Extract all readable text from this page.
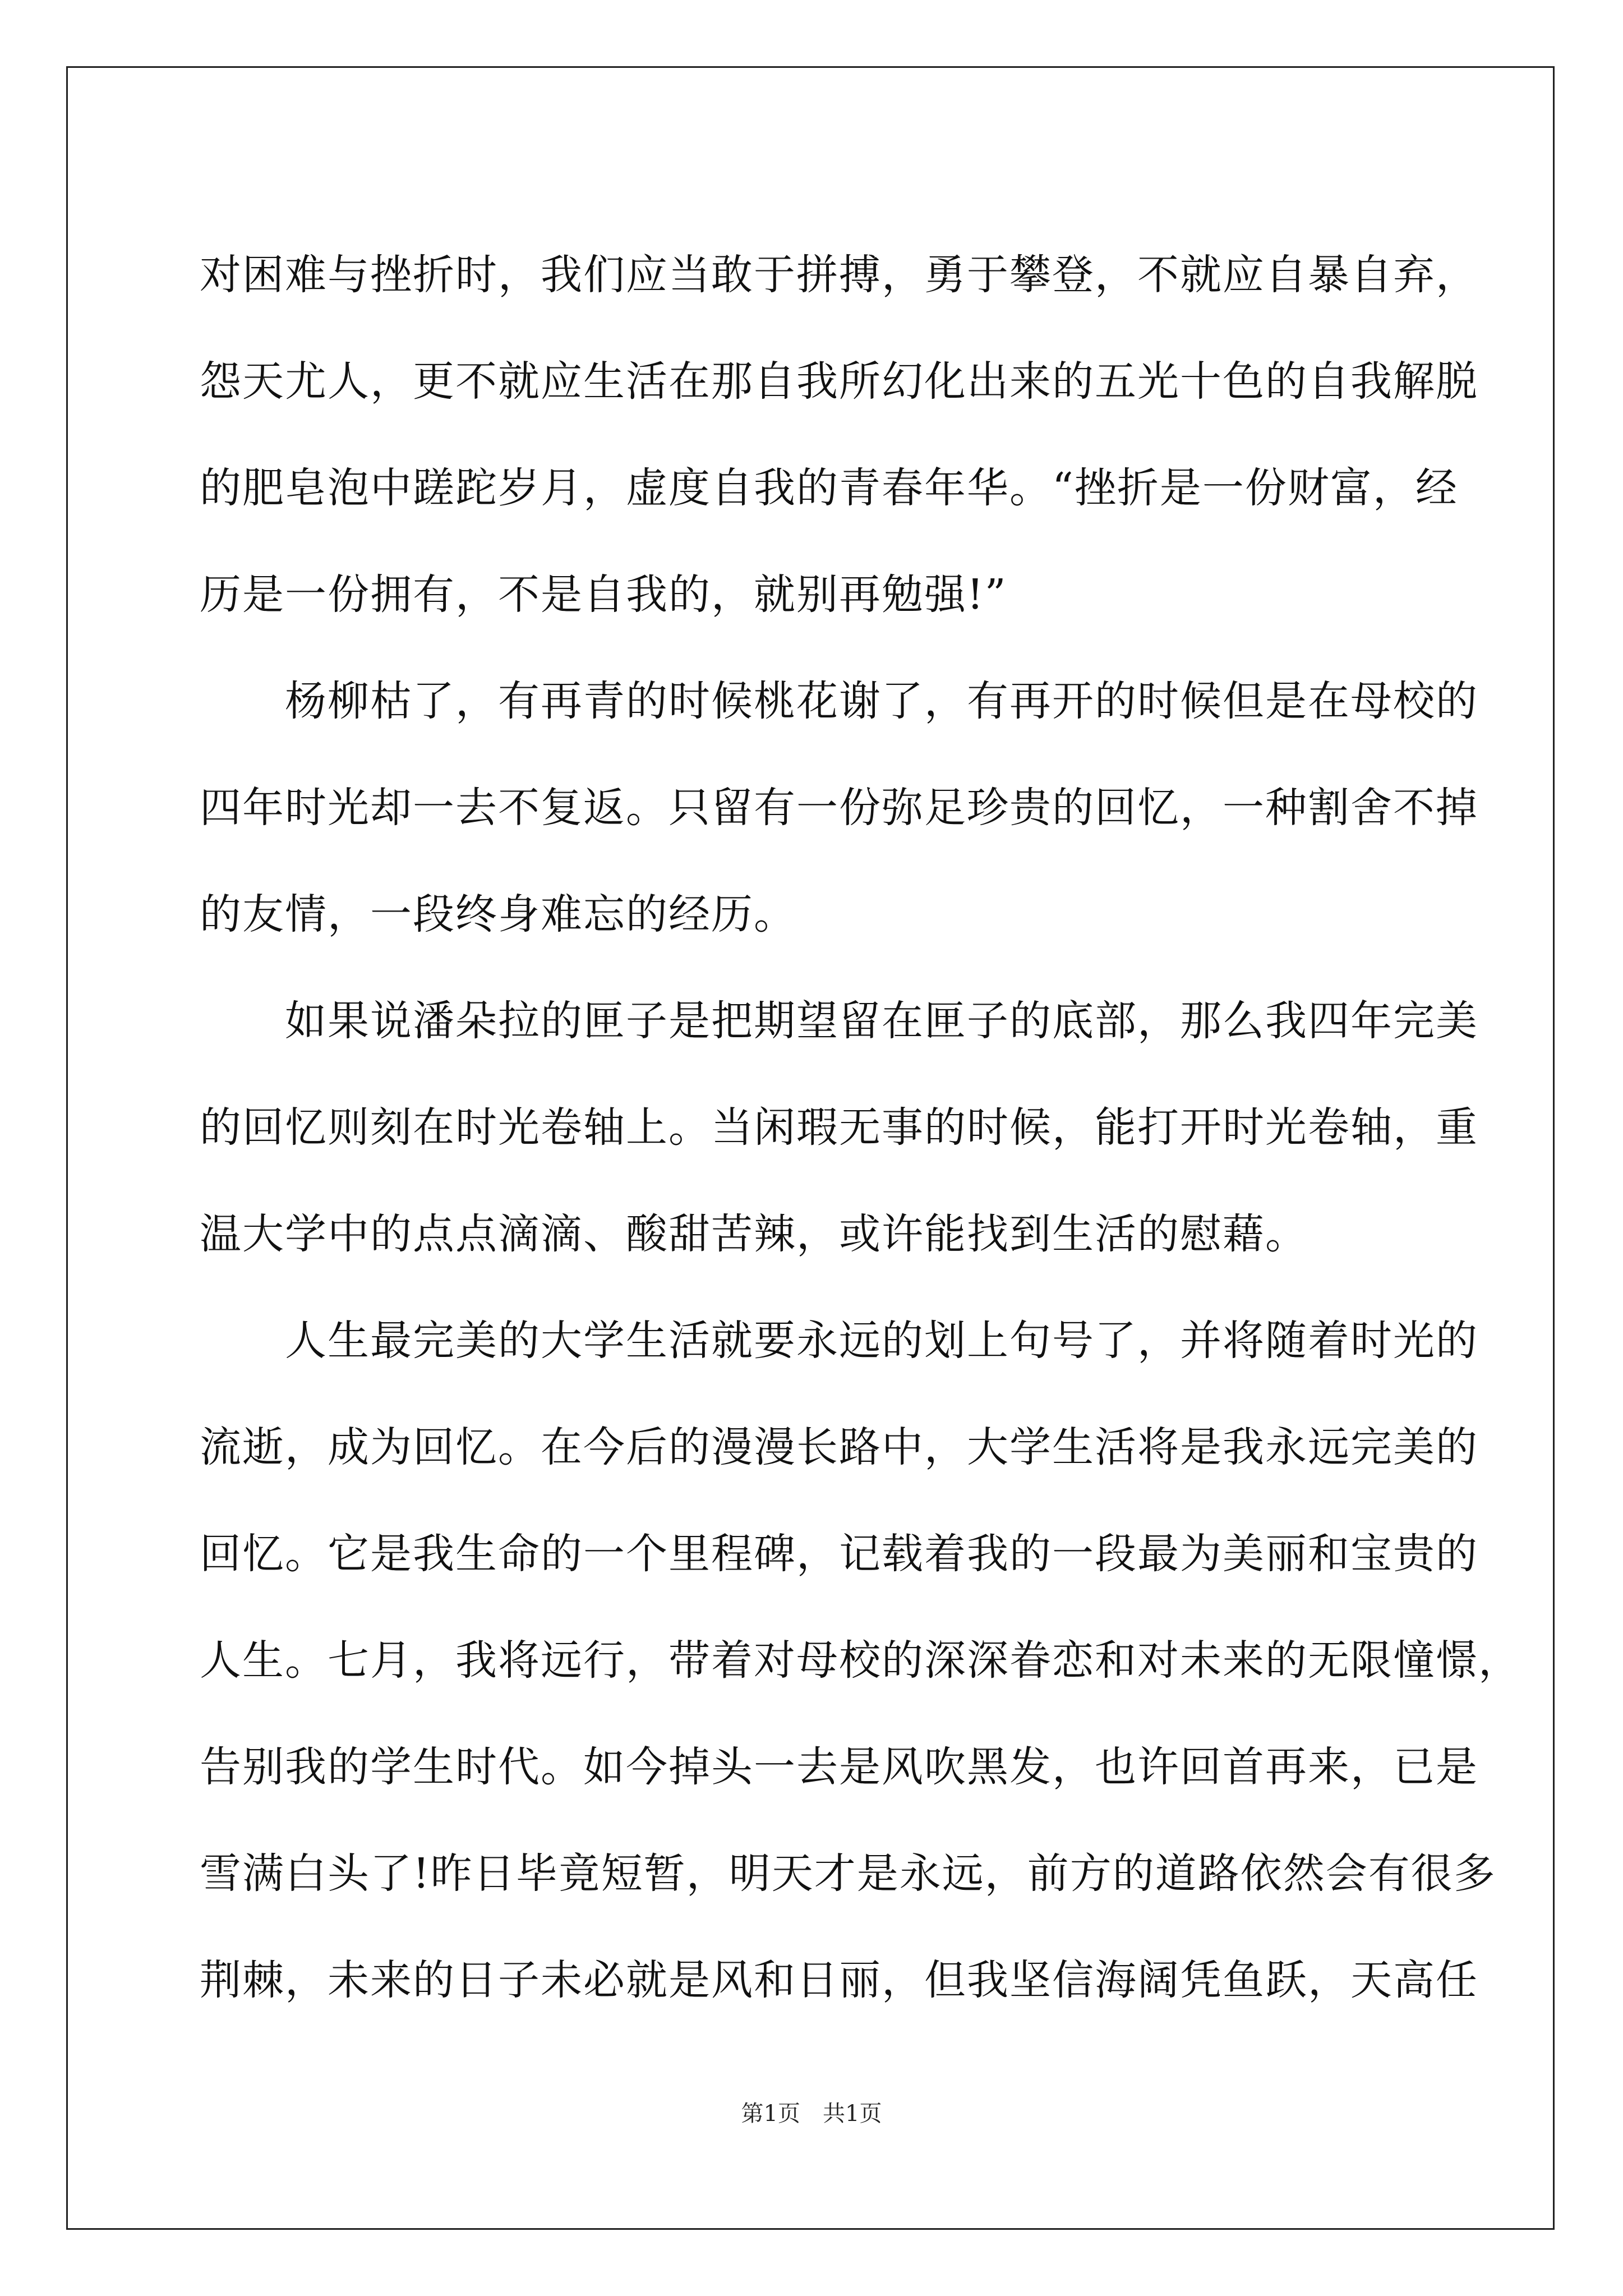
对困难与挫折时，我们应当敢于拼搏，勇于攀登，不就应自暴自弃，
怨天尤人，更不就应生活在那自我所幻化出来的五光十色的自我解脱
的肥皂泡中蹉跎岁月，虚度自我的青春年华。“挫折是一份财富，经
历是一份拥有，不是自我的，就别再勉强!”
　　杨柳枯了，有再青的时候桃花谢了，有再开的时候但是在母校的
四年时光却一去不复返。只留有一份弥足珍贵的回忆，一种割舍不掉
的友情，一段终身难忘的经历。
　　如果说潘朵拉的匣子是把期望留在匣子的底部，那么我四年完美
的回忆则刻在时光卷轴上。当闲瑕无事的时候，能打开时光卷轴，重
温大学中的点点滴滴、酸甜苦辣，或许能找到生活的慰藉。
　　人生最完美的大学生活就要永远的划上句号了，并将随着时光的
流逝，成为回忆。在今后的漫漫长路中，大学生活将是我永远完美的
回忆。它是我生命的一个里程碑，记载着我的一段最为美丽和宝贵的
人生。七月，我将远行，带着对母校的深深眷恋和对未来的无限憧憬，
告别我的学生时代。如今掉头一去是风吹黑发，也许回首再来，已是
雪满白头了!昨日毕竟短暂，明天才是永远，前方的道路依然会有很多
荆棘，未来的日子未必就是风和日丽，但我坚信海阔凭鱼跃，天高任
第1页　共1页
